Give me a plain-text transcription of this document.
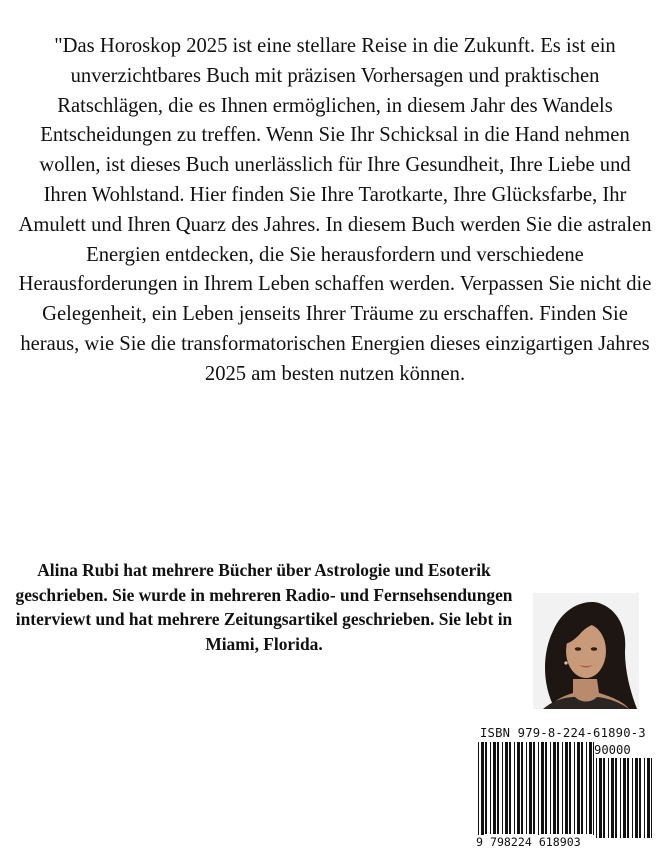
"Das Horoskop 2025 ist eine stellare Reise in die Zukunft. Es ist ein unverzichtbares Buch mit präzisen Vorhersagen und praktischen Ratschlägen, die es Ihnen ermöglichen, in diesem Jahr des Wandels Entscheidungen zu treffen. Wenn Sie Ihr Schicksal in die Hand nehmen wollen, ist dieses Buch unerlässlich für Ihre Gesundheit, Ihre Liebe und Ihren Wohlstand. Hier finden Sie Ihre Tarotkarte, Ihre Glücksfarbe, Ihr Amulett und Ihren Quarz des Jahres. In diesem Buch werden Sie die astralen Energien entdecken, die Sie herausfordern und verschiedene Herausforderungen in Ihrem Leben schaffen werden. Verpassen Sie nicht die Gelegenheit, ein Leben jenseits Ihrer Träume zu erschaffen. Finden Sie heraus, wie Sie die transformatorischen Energien dieses einzigartigen Jahres 2025 am besten nutzen können.

Alina Rubi hat mehrere Bücher über Astrologie und Esoterik geschrieben. Sie wurde in mehreren Radio- und Fernsehsendungen interviewt und hat mehrere Zeitungsartikel geschrieben. Sie lebt in Miami, Florida.

ISBN 979-8-224-61890-3
90000
9 798224 618903
